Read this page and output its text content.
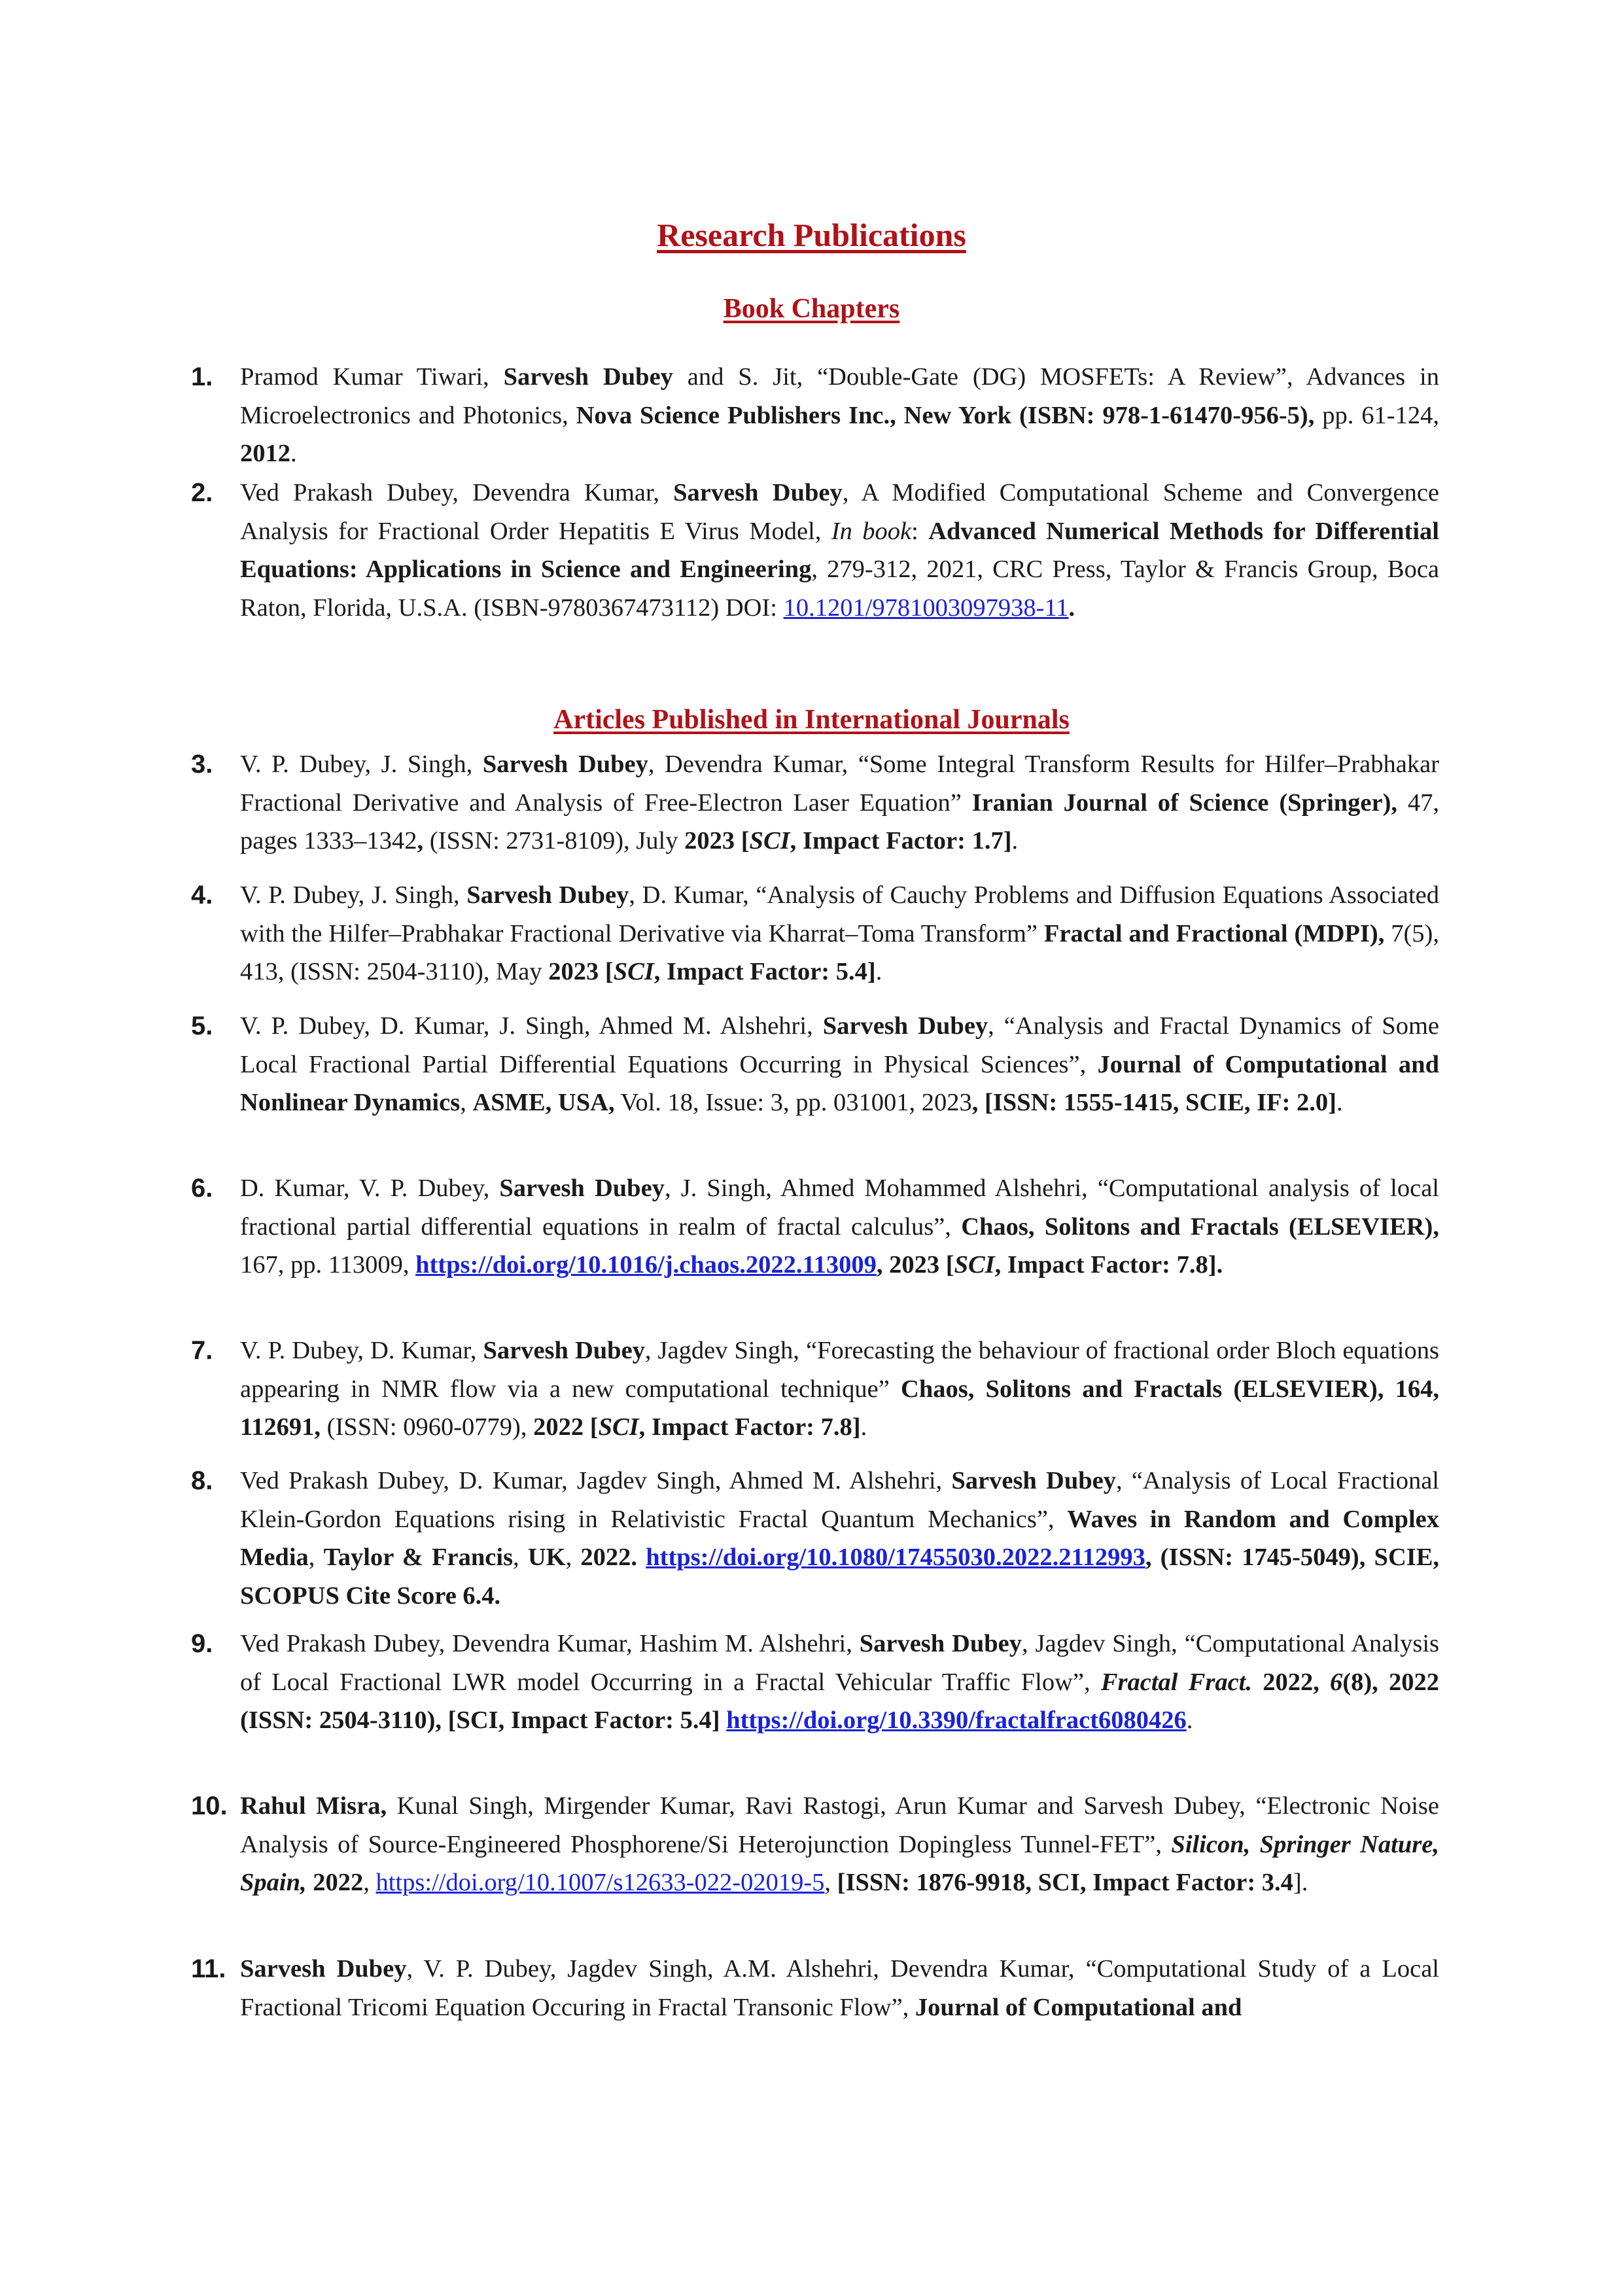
Research Publications
Book Chapters
Articles Published in International Journals
1.	Pramod Kumar Tiwari, Sarvesh Dubey and S. Jit, “Double-Gate (DG) MOSFETs: A Review”, Advances in Microelectronics and Photonics, Nova Science Publishers Inc., New York (ISBN: 978-1-61470-956-5), pp. 61-124, 2012.
2.	Ved Prakash Dubey, Devendra Kumar, Sarvesh Dubey, A Modified Computational Scheme and Convergence Analysis for Fractional Order Hepatitis E Virus Model, In book: Advanced Numerical Methods for Differential Equations: Applications in Science and Engineering, 279-312, 2021, CRC Press, Taylor & Francis Group, Boca Raton, Florida, U.S.A. (ISBN-9780367473112) DOI: 10.1201/9781003097938-11.
3.	V. P. Dubey, J. Singh, Sarvesh Dubey, Devendra Kumar, “Some Integral Transform Results for Hilfer–Prabhakar Fractional Derivative and Analysis of Free-Electron Laser Equation” Iranian Journal of Science (Springer), 47, pages 1333–1342, (ISSN: 2731-8109), July 2023 [SCI, Impact Factor: 1.7].
4.	V. P. Dubey, J. Singh, Sarvesh Dubey, D. Kumar, “Analysis of Cauchy Problems and Diffusion Equations Associated with the Hilfer–Prabhakar Fractional Derivative via Kharrat–Toma Transform” Fractal and Fractional (MDPI), 7(5), 413, (ISSN: 2504-3110), May 2023 [SCI, Impact Factor: 5.4].
5.	V. P. Dubey, D. Kumar, J. Singh, Ahmed M. Alshehri, Sarvesh Dubey, “Analysis and Fractal Dynamics of Some Local Fractional Partial Differential Equations Occurring in Physical Sciences”, Journal of Computational and Nonlinear Dynamics, ASME, USA, Vol. 18, Issue: 3, pp. 031001, 2023, [ISSN: 1555-1415, SCIE, IF: 2.0].
6.	D. Kumar, V. P. Dubey, Sarvesh Dubey, J. Singh, Ahmed Mohammed Alshehri, “Computational analysis of local fractional partial differential equations in realm of fractal calculus”, Chaos, Solitons and Fractals (ELSEVIER), 167, pp. 113009, https://doi.org/10.1016/j.chaos.2022.113009, 2023 [SCI, Impact Factor: 7.8].
7.	V. P. Dubey, D. Kumar, Sarvesh Dubey, Jagdev Singh, “Forecasting the behaviour of fractional order Bloch equations appearing in NMR flow via a new computational technique” Chaos, Solitons and Fractals (ELSEVIER), 164, 112691, (ISSN: 0960-0779), 2022 [SCI, Impact Factor: 7.8].
8.	Ved Prakash Dubey, D. Kumar, Jagdev Singh, Ahmed M. Alshehri, Sarvesh Dubey, “Analysis of Local Fractional Klein-Gordon Equations rising in Relativistic Fractal Quantum Mechanics”, Waves in Random and Complex Media, Taylor & Francis, UK, 2022. https://doi.org/10.1080/17455030.2022.2112993, (ISSN: 1745-5049), SCIE, SCOPUS Cite Score 6.4.
9.	Ved Prakash Dubey, Devendra Kumar, Hashim M. Alshehri, Sarvesh Dubey, Jagdev Singh, “Computational Analysis of Local Fractional LWR model Occurring in a Fractal Vehicular Traffic Flow”, Fractal Fract. 2022, 6(8), 2022 (ISSN: 2504-3110), [SCI, Impact Factor: 5.4] https://doi.org/10.3390/fractalfract6080426.
10. Rahul Misra, Kunal Singh, Mirgender Kumar, Ravi Rastogi, Arun Kumar and Sarvesh Dubey, “Electronic Noise Analysis of Source-Engineered Phosphorene/Si Heterojunction Dopingless Tunnel-FET”, Silicon, Springer Nature, Spain, 2022, https://doi.org/10.1007/s12633-022-02019-5, [ISSN: 1876-9918, SCI, Impact Factor: 3.4].
11. Sarvesh Dubey, V. P. Dubey, Jagdev Singh, A.M. Alshehri, Devendra Kumar, “Computational Study of a Local Fractional Tricomi Equation Occuring in Fractal Transonic Flow”, Journal of Computational and
